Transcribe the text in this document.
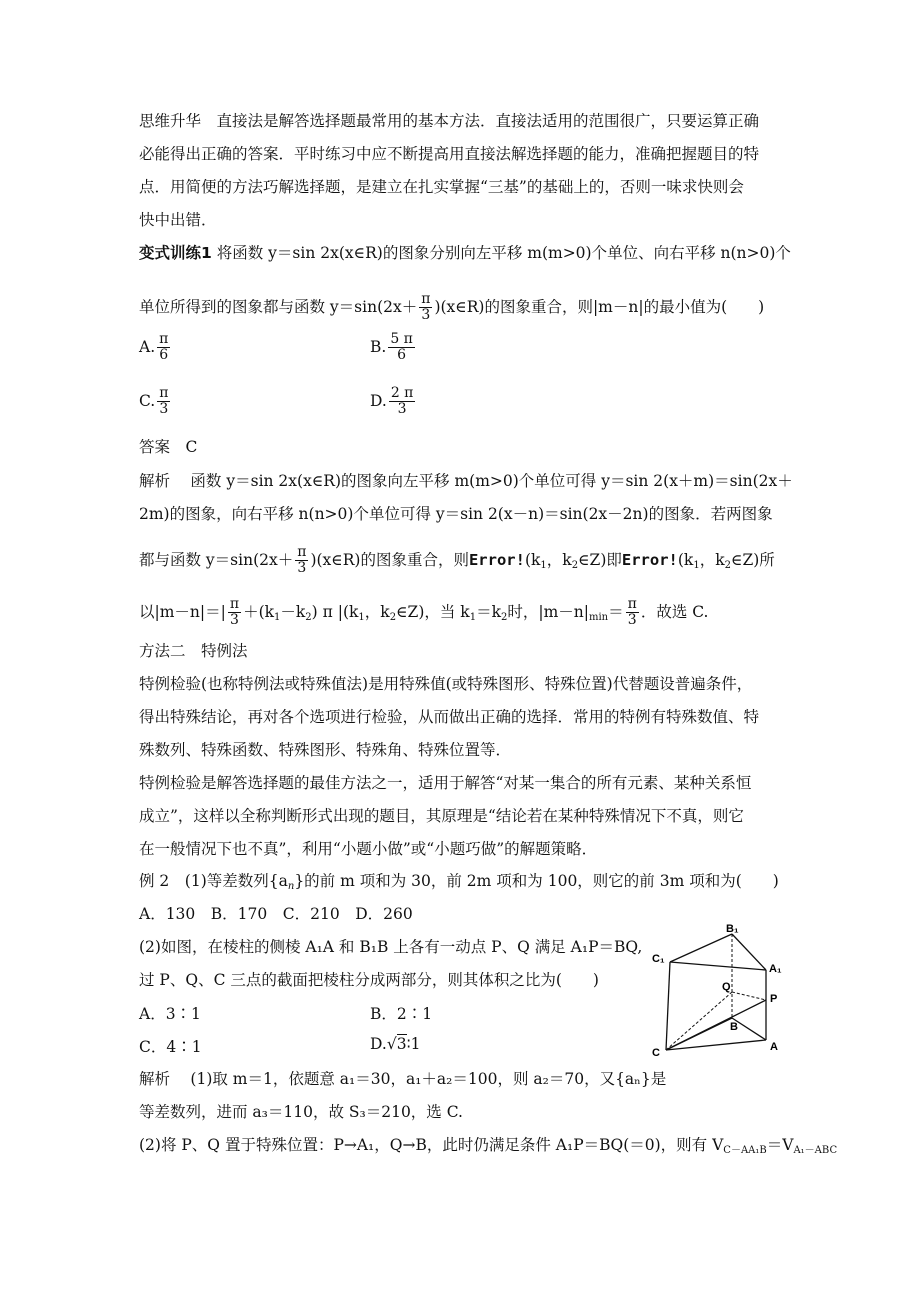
思维升华　直接法是解答选择题最常用的基本方法．直接法适用的范围很广，只要运算正确
必能得出正确的答案．平时练习中应不断提高用直接法解选择题的能力，准确把握题目的特
点．用简便的方法巧解选择题，是建立在扎实掌握“三基”的基础上的，否则一味求快则会
快中出错．
变式训练1 将函数 y＝sin 2x(x∈R)的图象分别向左平移 m(m>0)个单位、向右平移 n(n>0)个
单位所得到的图象都与函数 $y=\sin(2x+ \frac{\pi}{3}$ )(x∈R)的图象重合，则|m－n|的最小值为(　　)
A. $\frac{\pi}{6}$	B. $\frac{5 \pi}{6}$
C. $\frac{\pi}{3}$	D. $\frac{2 \pi}{3}$
答案　C
解析　 函数 y＝sin 2x(x∈R)的图象向左平移 m(m>0)个单位可得 y＝sin 2(x＋m)＝sin(2x＋
2m)的图象，向右平移 n(n>0)个单位可得 y＝sin 2(x－n)＝sin(2x－2n)的图象．若两图象
都与函数 $y=\sin(2x+ \frac{\pi}{3}$ )(x∈R)的图象重合，则$Error!(k_1$，$k_2\in Z$)即$Error!(k_1$，$k_2\in Z$)所
以$|m-n|=| \frac{\pi}{3} +(k_1-k_2)$ π $|(k_1$，$k_2\in Z$)，当 $k_1=k_2$时，$|m-n|_{min}= \frac{\pi}{3}$ ．故选 C.
方法二　特例法
特例检验(也称特例法或特殊值法)是用特殊值(或特殊图形、特殊位置)代替题设普遍条件，
得出特殊结论，再对各个选项进行检验，从而做出正确的选择．常用的特例有特殊数值、特
殊数列、特殊函数、特殊图形、特殊角、特殊位置等．
特例检验是解答选择题的最佳方法之一，适用于解答“对某一集合的所有元素、某种关系恒
成立”，这样以全称判断形式出现的题目，其原理是“结论若在某种特殊情况下不真，则它
在一般情况下也不真”，利用“小题小做”或“小题巧做”的解题策略．
例 2　(1)等差数列$\{a_n\}$的前 m 项和为 30，前 2m 项和为 100，则它的前 3m 项和为(　　)
A．130　B．170　C．210　D．260
(2)如图，在棱柱的侧棱 A₁A 和 B₁B 上各有一动点 P、Q 满足 A₁P＝BQ,
过 P、Q、C 三点的截面把棱柱分成两部分，则其体积之比为(　　)
A．3∶1	B．2∶1
C．4∶1	D.√3∶1
解析　 (1)取 m＝1，依题意 a₁＝30，a₁＋a₂＝100，则 a₂＝70，又{aₙ}是
等差数列，进而 a₃＝110，故 S₃＝210，选 C.
(2)将 P、Q 置于特殊位置：P→A₁，Q→B，此时仍满足条件 A₁P＝BQ(＝0)，则有 $V_{C-AA_1B}=V_{A_1-ABC}$
B₁
C₁
A₁
Q
P
B
C	A
